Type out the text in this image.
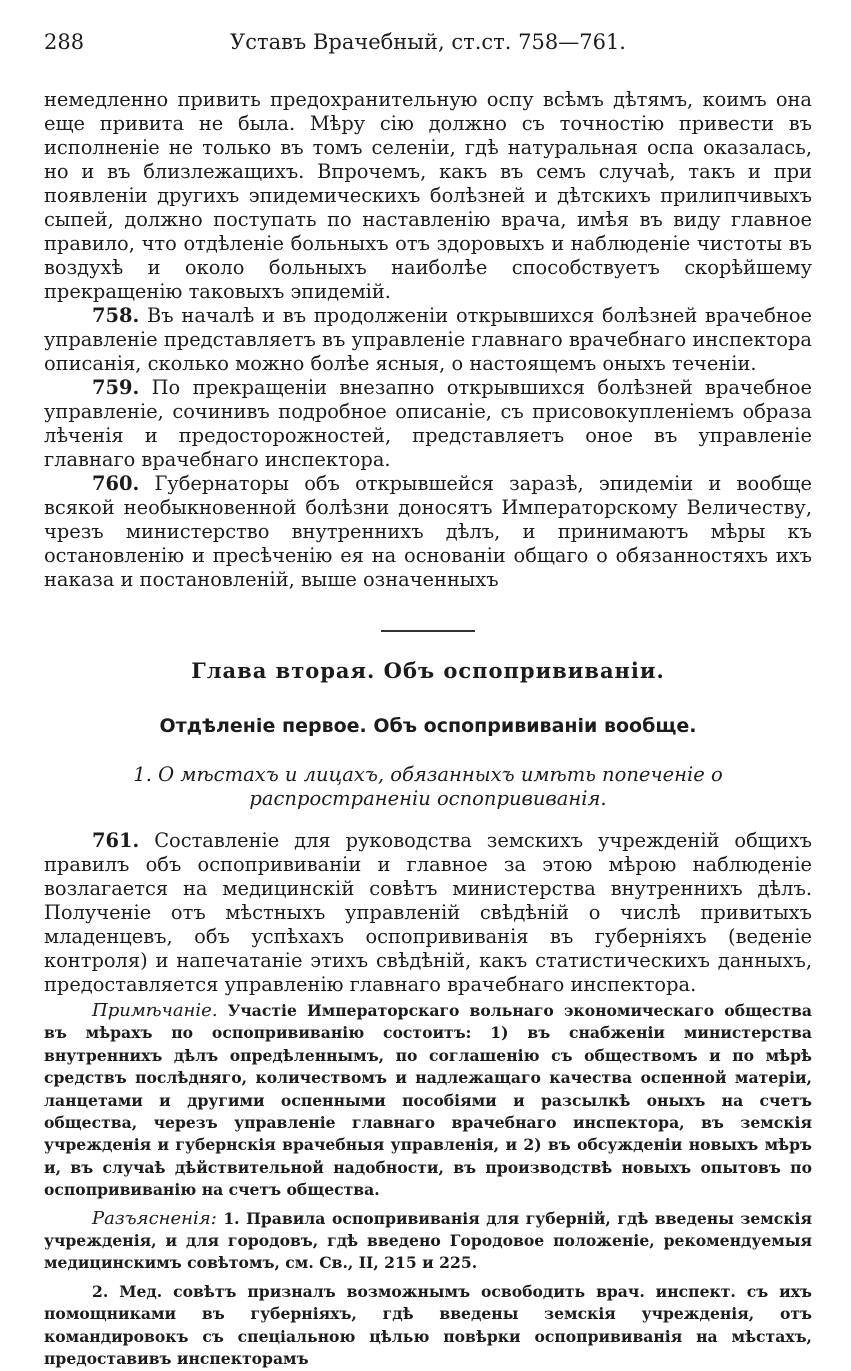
288	Уставъ Врачебный, ст.ст. 758—761.

немедленно привить предохранительную оспу всѣмъ дѣтямъ, коимъ она еще привита не была. Мѣру сію должно съ точностію привести въ исполненіе не только въ томъ селеніи, гдѣ натуральная оспа оказалась, но и въ близлежащихъ. Впрочемъ, какъ въ семъ случаѣ, такъ и при появленіи другихъ эпидемическихъ болѣзней и дѣтскихъ прилипчивыхъ сыпей, должно поступать по наставленію врача, имѣя въ виду главное правило, что отдѣленіе больныхъ отъ здоровыхъ и наблюденіе чистоты въ воздухѣ и около больныхъ наиболѣе способствуетъ скорѣйшему прекращенію таковыхъ эпидемій.

758. Въ началѣ и въ продолженіи открывшихся болѣзней врачебное управленіе представляетъ въ управленіе главнаго врачебнаго инспектора описанія, сколько можно болѣе ясныя, о настоящемъ оныхъ теченіи.

759. По прекращеніи внезапно открывшихся болѣзней врачебное управленіе, сочинивъ подробное описаніе, съ присовокупленіемъ образа лѣченія и предосторожностей, представляетъ оное въ управленіе главнаго врачебнаго инспектора.

760. Губернаторы объ открывшейся заразѣ, эпидеміи и вообще всякой необыкновенной болѣзни доносятъ Императорскому Величеству, чрезъ министерство внутреннихъ дѣлъ, и принимаютъ мѣры къ остановленію и пресѣченію ея на основаніи общаго о обязанностяхъ ихъ наказа и постановленій, выше означенныхъ

Глава вторая. Объ оспопрививаніи.
Отдѣленіе первое. Объ оспопрививаніи вообще.
1. О мѣстахъ и лицахъ, обязанныхъ имѣть попеченіе о распространеніи оспопрививанія.

761. Составленіе для руководства земскихъ учрежденій общихъ правилъ объ оспопрививаніи и главное за этою мѣрою наблюденіе возлагается на медицинскій совѣтъ министерства внутреннихъ дѣлъ. Полученіе отъ мѣстныхъ управленій свѣдѣній о числѣ привитыхъ младенцевъ, объ успѣхахъ оспопрививанія въ губерніяхъ (веденіе контроля) и напечатаніе этихъ свѣдѣній, какъ статистическихъ данныхъ, предоставляется управленію главнаго врачебнаго инспектора.

Примѣчаніе. Участіе Императорскаго вольнаго экономическаго общества въ мѣрахъ по оспопрививанію состоитъ: 1) въ снабженіи министерства внутреннихъ дѣлъ опредѣленнымъ, по соглашенію съ обществомъ и по мѣрѣ средствъ послѣдняго, количествомъ и надлежащаго качества оспенной матеріи, ланцетами и другими оспенными пособіями и разсылкѣ оныхъ на счетъ общества, черезъ управленіе главнаго врачебнаго инспектора, въ земскія учрежденія и губернскія врачебныя управленія, и 2) въ обсужденіи новыхъ мѣръ и, въ случаѣ дѣйствительной надобности, въ производствѣ новыхъ опытовъ по оспопрививанію на счетъ общества.

Разъясненія: 1. Правила оспопрививанія для губерній, гдѣ введены земскія учрежденія, и для городовъ, гдѣ введено Городовое положеніе, рекомендуемыя медицинскимъ совѣтомъ, см. Св., II, 215 и 225.

2. Мед. совѣтъ призналъ возможнымъ освободить врач. инспект. съ ихъ помощниками въ губерніяхъ, гдѣ введены земскія учрежденія, отъ командировокъ съ спеціальною цѣлью повѣрки оспопрививанія на мѣстахъ, предоставивъ инспекторамъ
